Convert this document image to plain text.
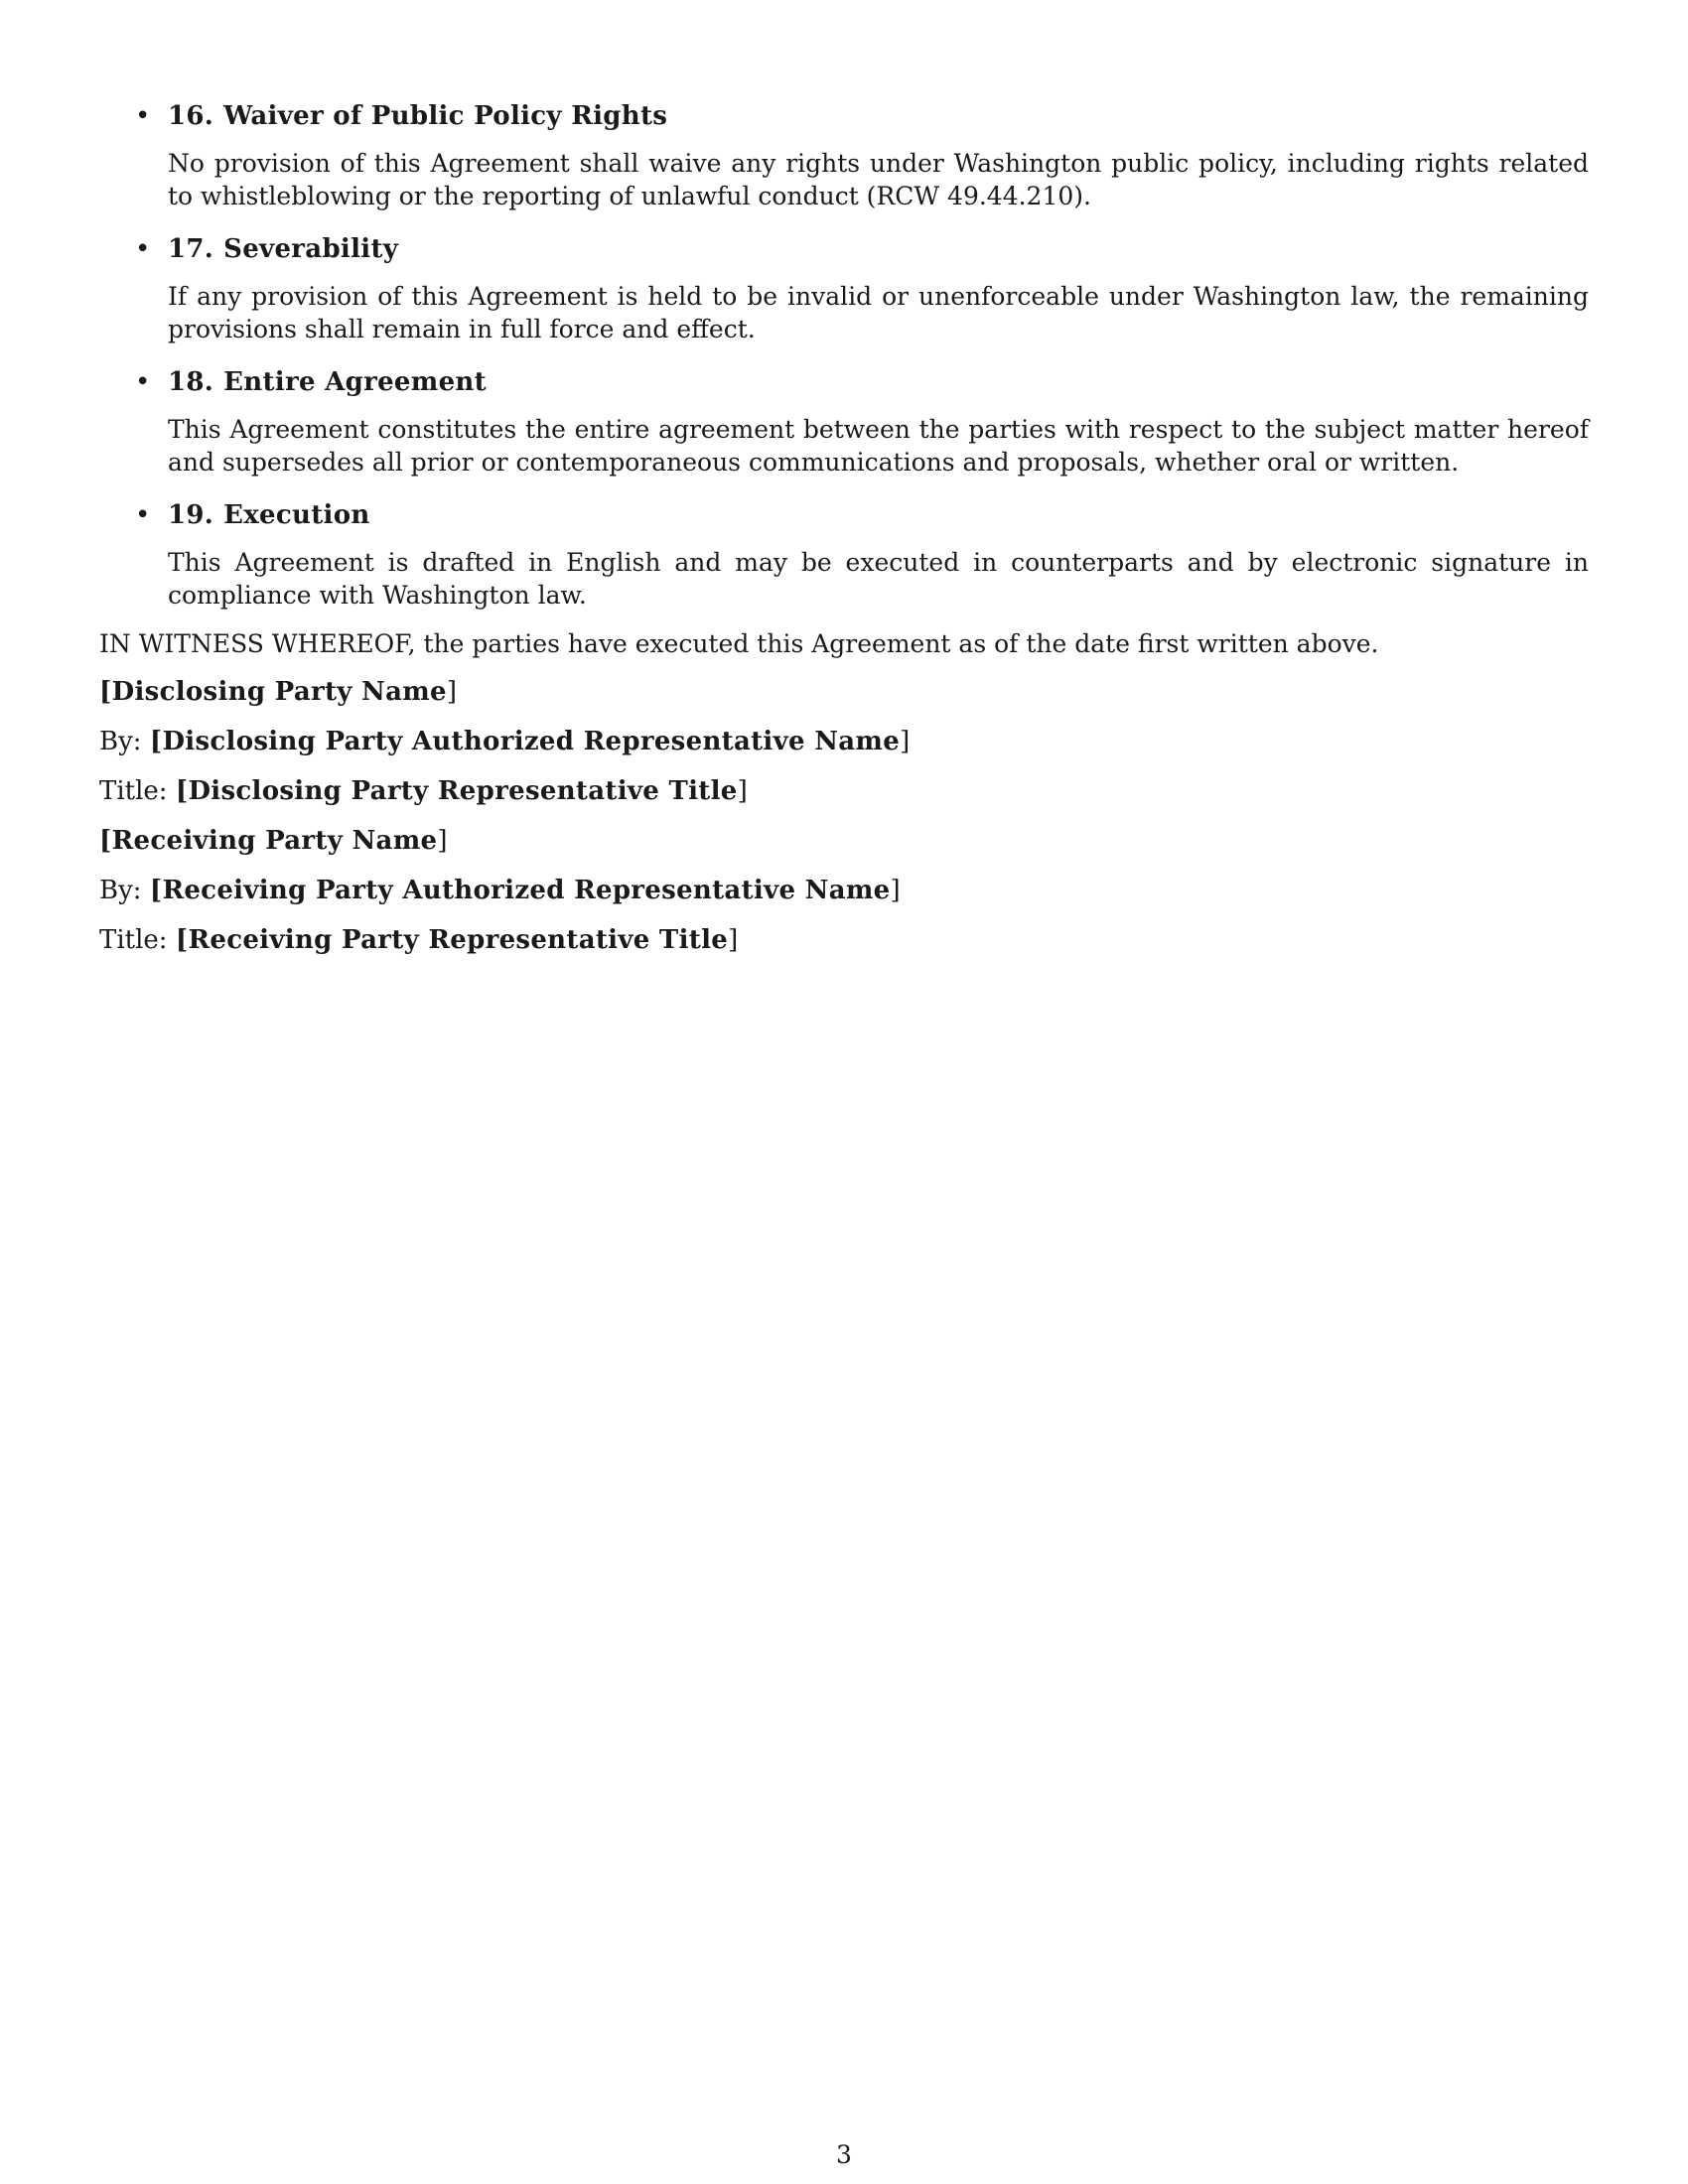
• 16. Waiver of Public Policy Rights

No provision of this Agreement shall waive any rights under Washington public policy, including rights related to whistleblowing or the reporting of unlawful conduct (RCW 49.44.210).

• 17. Severability

If any provision of this Agreement is held to be invalid or unenforceable under Washington law, the remaining provisions shall remain in full force and effect.

• 18. Entire Agreement

This Agreement constitutes the entire agreement between the parties with respect to the subject matter hereof and supersedes all prior or contemporaneous communications and proposals, whether oral or written.

• 19. Execution

This Agreement is drafted in English and may be executed in counterparts and by electronic signature in compliance with Washington law.

IN WITNESS WHEREOF, the parties have executed this Agreement as of the date first written above.

[Disclosing Party Name]

By: [Disclosing Party Authorized Representative Name]

Title: [Disclosing Party Representative Title]

[Receiving Party Name]

By: [Receiving Party Authorized Representative Name]

Title: [Receiving Party Representative Title]

3
